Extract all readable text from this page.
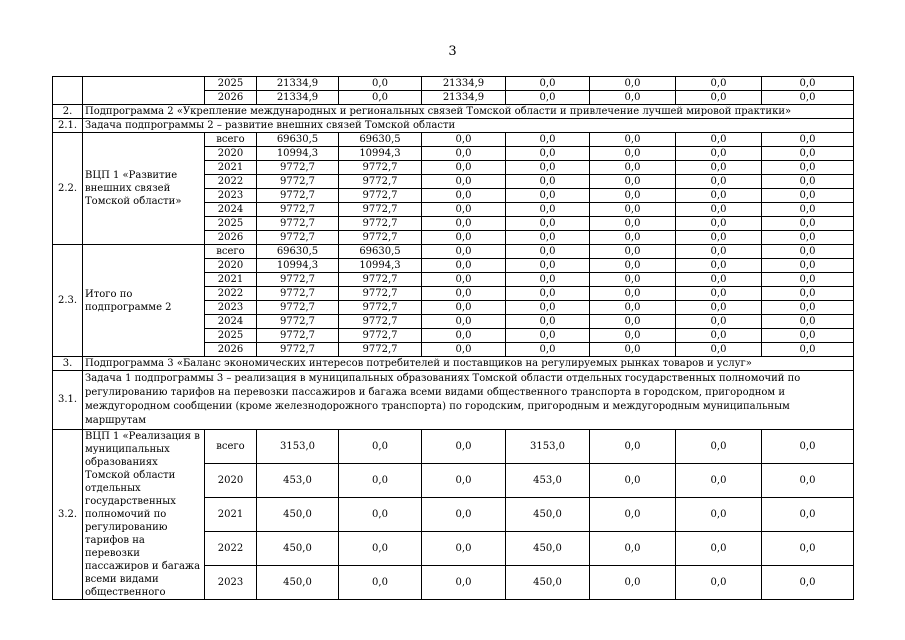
3
		2025	21334,9	0,0	21334,9	0,0	0,0	0,0	0,0
		2026	21334,9	0,0	21334,9	0,0	0,0	0,0	0,0
2.	Подпрограмма 2 «Укрепление международных и региональных связей Томской области и привлечение лучшей мировой практики»								
2.1.	Задача подпрограммы 2 – развитие внешних связей Томской области								
2.2.	ВЦП 1 «Развитие внешних связей Томской области»	всего	69630,5	69630,5	0,0	0,0	0,0	0,0	0,0
		2020	10994,3	10994,3	0,0	0,0	0,0	0,0	0,0
		2021	9772,7	9772,7	0,0	0,0	0,0	0,0	0,0
		2022	9772,7	9772,7	0,0	0,0	0,0	0,0	0,0
		2023	9772,7	9772,7	0,0	0,0	0,0	0,0	0,0
		2024	9772,7	9772,7	0,0	0,0	0,0	0,0	0,0
		2025	9772,7	9772,7	0,0	0,0	0,0	0,0	0,0
		2026	9772,7	9772,7	0,0	0,0	0,0	0,0	0,0
2.3.	Итого по подпрограмме 2	всего	69630,5	69630,5	0,0	0,0	0,0	0,0	0,0
		2020	10994,3	10994,3	0,0	0,0	0,0	0,0	0,0
		2021	9772,7	9772,7	0,0	0,0	0,0	0,0	0,0
		2022	9772,7	9772,7	0,0	0,0	0,0	0,0	0,0
		2023	9772,7	9772,7	0,0	0,0	0,0	0,0	0,0
		2024	9772,7	9772,7	0,0	0,0	0,0	0,0	0,0
		2025	9772,7	9772,7	0,0	0,0	0,0	0,0	0,0
		2026	9772,7	9772,7	0,0	0,0	0,0	0,0	0,0
3.	Подпрограмма 3 «Баланс экономических интересов потребителей и поставщиков на регулируемых рынках товаров и услуг»								
3.1.	Задача 1 подпрограммы 3 – реализация в муниципальных образованиях Томской области отдельных государственных полномочий по регулированию тарифов на перевозки пассажиров и багажа всеми видами общественного транспорта в городском, пригородном и междугородном сообщении (кроме железнодорожного транспорта) по городским, пригородным и междугородным муниципальным маршрутам								
3.2.	ВЦП 1 «Реализация в муниципальных образованиях Томской области отдельных государственных полномочий по регулированию тарифов на перевозки пассажиров и багажа всеми видами общественного	всего	3153,0	0,0	0,0	3153,0	0,0	0,0	0,0
		2020	453,0	0,0	0,0	453,0	0,0	0,0	0,0
		2021	450,0	0,0	0,0	450,0	0,0	0,0	0,0
		2022	450,0	0,0	0,0	450,0	0,0	0,0	0,0
		2023	450,0	0,0	0,0	450,0	0,0	0,0	0,0
